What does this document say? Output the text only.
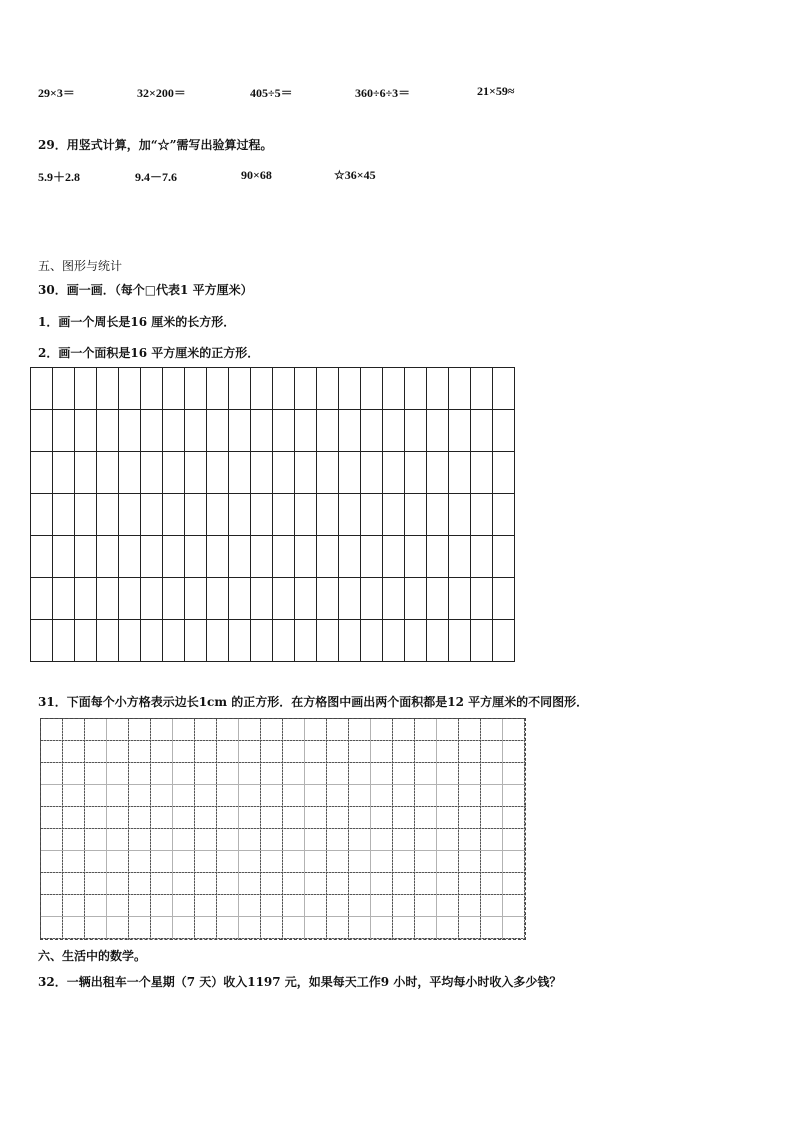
29×3＝	32×200＝	405÷5＝	360÷6÷3＝	21×59≈
29．用竖式计算，加“☆”需写出验算过程。
5.9＋2.8	9.4－7.6	90×68	☆36×45
五、图形与统计
30．画一画．（每个□代表1 平方厘米）
1．画一个周长是16 厘米的长方形．
2．画一个面积是16 平方厘米的正方形．

31．下面每个小方格表示边长1cm 的正方形．在方格图中画出两个面积都是12 平方厘米的不同图形．
六、生活中的数学。
32．一辆出租车一个星期（7 天）收入1197 元，如果每天工作9 小时，平均每小时收入多少钱？
